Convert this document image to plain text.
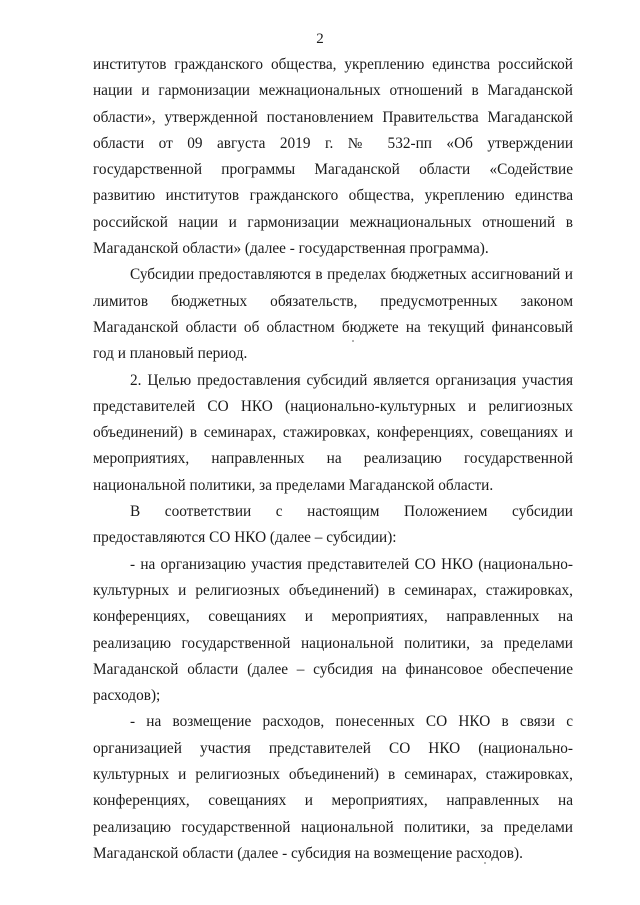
2

институтов гражданского общества, укреплению единства российской нации и гармонизации межнациональных отношений в Магаданской области», утвержденной постановлением Правительства Магаданской области от 09 августа 2019 г. № 532-пп «Об утверждении государственной программы Магаданской области «Содействие развитию институтов гражданского общества, укреплению единства российской нации и гармонизации межнациональных отношений в Магаданской области» (далее - государственная программа).

Субсидии предоставляются в пределах бюджетных ассигнований и лимитов бюджетных обязательств, предусмотренных законом Магаданской области об областном бюджете на текущий финансовый год и плановый период.

2. Целью предоставления субсидий является организация участия представителей СО НКО (национально-культурных и религиозных объединений) в семинарах, стажировках, конференциях, совещаниях и мероприятиях, направленных на реализацию государственной национальной политики, за пределами Магаданской области.

В соответствии с настоящим Положением субсидии

предоставляются СО НКО (далее – субсидии):

- на организацию участия представителей СО НКО (национально-культурных и религиозных объединений) в семинарах, стажировках, конференциях, совещаниях и мероприятиях, направленных на реализацию государственной национальной политики, за пределами Магаданской области (далее – субсидия на финансовое обеспечение расходов);

- на возмещение расходов, понесенных СО НКО в связи с организацией участия представителей СО НКО (национально-культурных и религиозных объединений) в семинарах, стажировках, конференциях, совещаниях и мероприятиях, направленных на реализацию государственной национальной политики, за пределами Магаданской области (далее - субсидия на возмещение расходов).
